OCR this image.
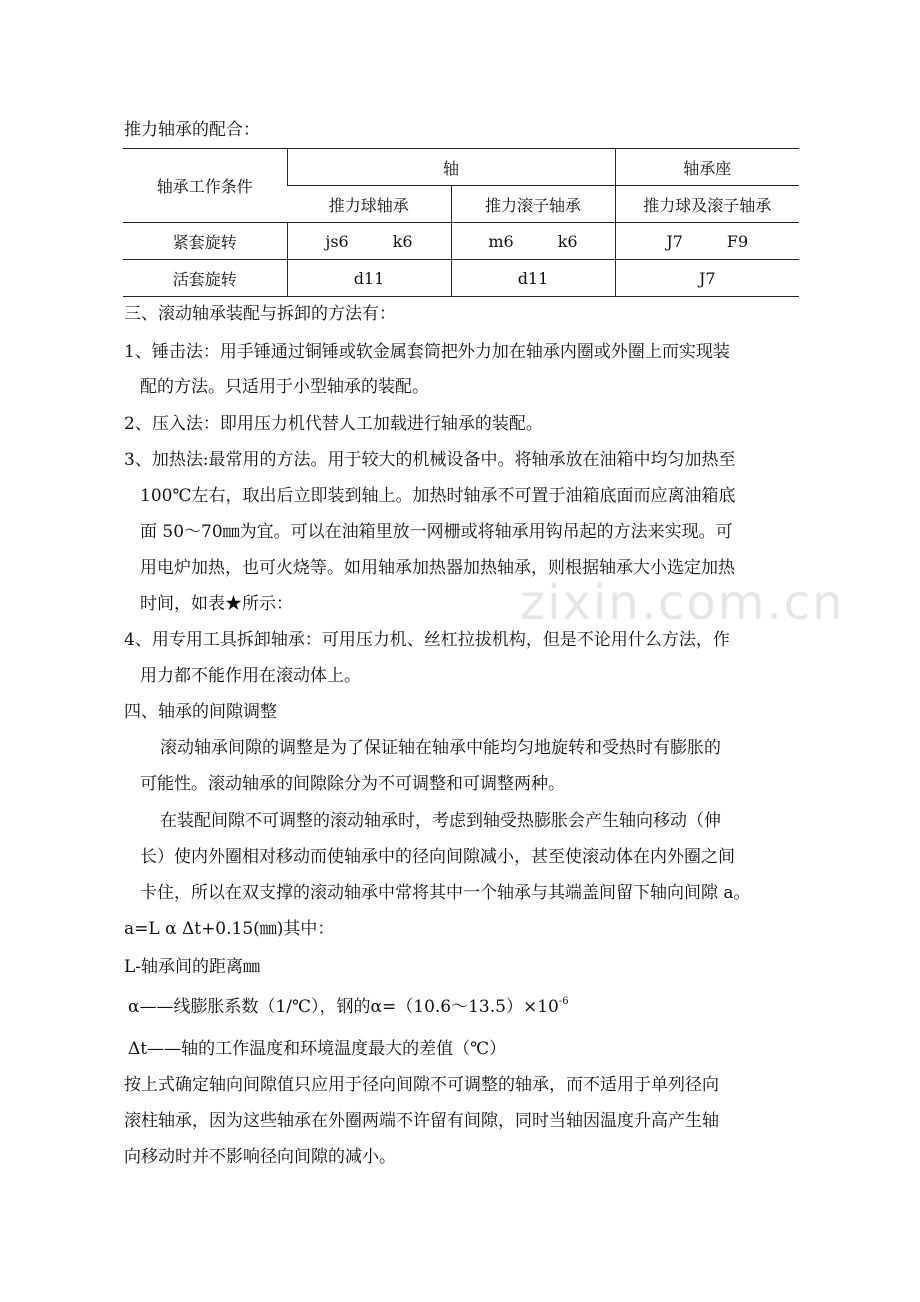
zixin.com.cn
推力轴承的配合：
轴承工作条件	轴		轴承座
	推力球轴承	推力滚子轴承	推力球及滚子轴承
紧套旋转	js6 k6	m6 k6	J7 F9
活套旋转	d11	d11	J7
三、滚动轴承装配与拆卸的方法有：
1、锤击法：用手锤通过铜锤或软金属套筒把外力加在轴承内圈或外圈上而实现装
配的方法。只适用于小型轴承的装配。
2、压入法：即用压力机代替人工加载进行轴承的装配。
3、加热法:最常用的方法。用于较大的机械设备中。将轴承放在油箱中均匀加热至
100℃左右，取出后立即装到轴上。加热时轴承不可置于油箱底面而应离油箱底
面 50～70㎜为宜。可以在油箱里放一网栅或将轴承用钩吊起的方法来实现。可
用电炉加热，也可火烧等。如用轴承加热器加热轴承，则根据轴承大小选定加热
时间，如表★所示：
4、用专用工具拆卸轴承：可用压力机、丝杠拉拔机构，但是不论用什么方法，作
用力都不能作用在滚动体上。
四、轴承的间隙调整
滚动轴承间隙的调整是为了保证轴在轴承中能均匀地旋转和受热时有膨胀的
可能性。滚动轴承的间隙除分为不可调整和可调整两种。
在装配间隙不可调整的滚动轴承时，考虑到轴受热膨胀会产生轴向移动（伸
长）使内外圈相对移动而使轴承中的径向间隙减小，甚至使滚动体在内外圈之间
卡住，所以在双支撑的滚动轴承中常将其中一个轴承与其端盖间留下轴向间隙 a。
a=L α Δt+0.15(㎜)其中：
L-轴承间的距离㎜
α——线膨胀系数（1/℃），钢的$\alpha=(10.6\sim 13.5)\times 10^{-6}$
Δt——轴的工作温度和环境温度最大的差值（℃）
按上式确定轴向间隙值只应用于径向间隙不可调整的轴承，而不适用于单列径向
滚柱轴承，因为这些轴承在外圈两端不许留有间隙，同时当轴因温度升高产生轴
向移动时并不影响径向间隙的减小。
